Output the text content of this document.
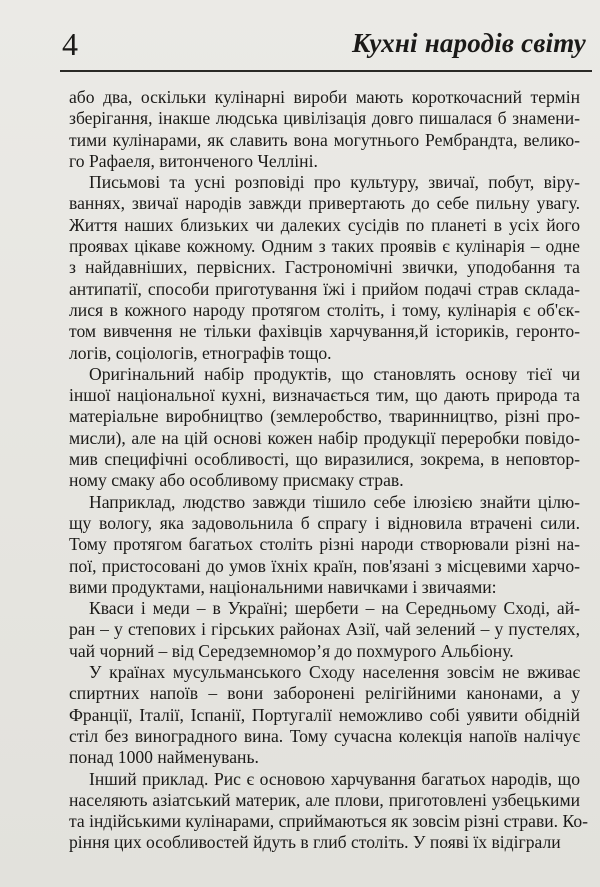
4	Кухні народів світу
або два, оскільки кулінарні вироби мають короткочасний термін
зберігання, інакше людська цивілізація довго пишалася б знамени-
тими кулінарами, як славить вона могутнього Рембрандта, велико-
го Рафаеля, витонченого Челліні.
Письмові та усні розповіді про культуру, звичаї, побут, віру-
ваннях, звичаї народів завжди привертають до себе пильну увагу.
Життя наших близьких чи далеких сусідів по планеті в усіх його
проявах цікаве кожному. Одним з таких проявів є кулінарія – одне
з найдавніших, первісних. Гастрономічні звички, уподобання та
антипатії, способи приготування їжі і прийом подачі страв складa-
лися в кожного народу протягом століть, і тому, кулінарія є об'єк-
том вивчення не тільки фахівців харчування,й істориків, геронто-
логів, соціологів, етнографів тощо.
Оригінальний набір продуктів, що становлять основу тієї чи
іншої національної кухні, визначається тим, що дають природа та
матеріальне виробництво (землеробство, тваринництво, різні про-
мисли), але на цій основі кожен набір продукції переробки повідо-
мив специфічні особливості, що виразилися, зокрема, в неповтор-
ному смаку або особливому присмаку страв.
Наприклад, людство завжди тішило себе ілюзією знайти цілю-
щу вологу, яка задовольнила б спрагу і відновила втрачені сили.
Тому протягом багатьох століть різні народи створювали різні на-
пої, пристосовані до умов їхніх країн, пов'язані з місцевими харчо-
вими продуктами, національними навичками і звичаями:
Кваси і меди – в Україні; шербети – на Середньому Сході, ай-
ран – у степових і гірських районах Азії, чай зелений – у пустелях,
чай чорний – від Середземномор’я до похмурого Альбіону.
У країнах мусульманського Сходу населення зовсім не вживає
спиртних напоїв – вони заборонені релігійними канонами, а у
Франції, Італії, Іспанії, Португалії неможливо собі уявити обідній
стіл без виноградного вина. Тому сучасна колекція напоїв налічує
понад 1000 найменувань.
Інший приклад. Рис є основою харчування багатьох народів, що
населяють азіатський материк, але плови, приготовлені узбецькими
та індійськими кулінарами, сприймаються як зовсім різні страви. Ко-
ріння цих особливостей йдуть в глиб століть. У появі їх відіграли
